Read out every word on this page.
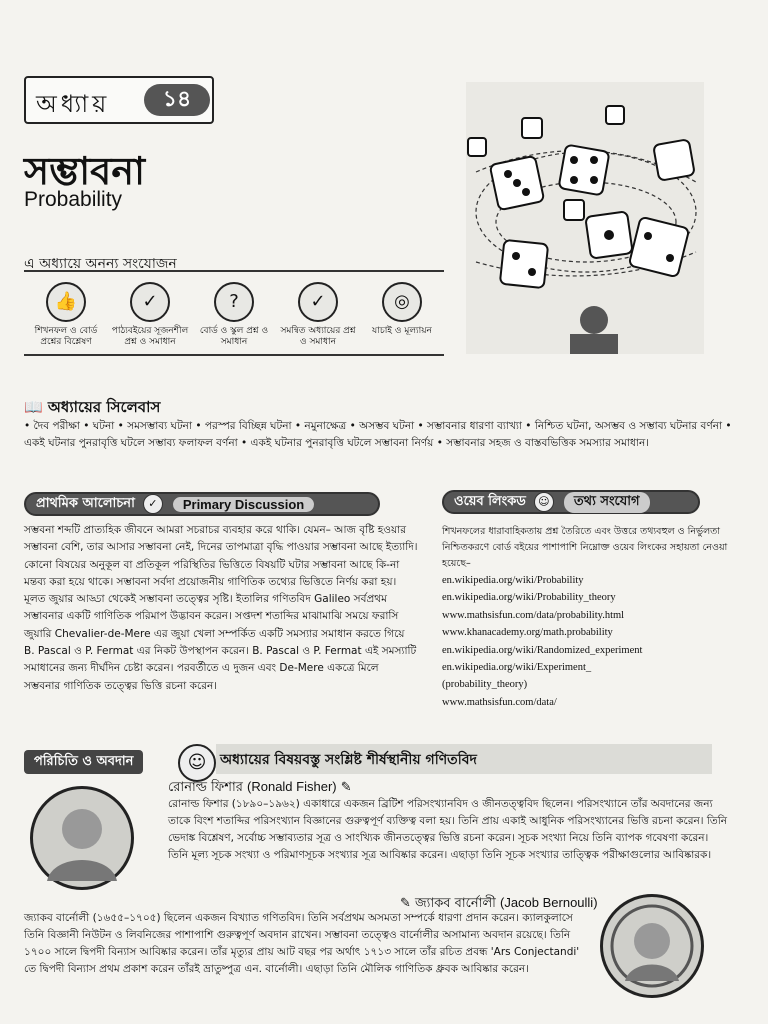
অধ্যায়	১৪
সম্ভাবনা
Probability
এ অধ্যায়ে অনন্য সংযোজন
👍
শিখনফল ও বোর্ড প্রশ্নের বিশ্লেষণ
✓
পাঠ্যবইয়ের সূজনশীল প্রশ্ন ও সমাধান
?
বোর্ড ও স্কুল প্রশ্ন ও সমাধান
✓
সমন্বিত অধ্যায়ের প্রশ্ন ও সমাধান
◎
যাচাই ও মূল্যায়ন
📖 অধ্যায়ের সিলেবাস
• দৈব পরীক্ষা • ঘটনা • সমসম্ভাব্য ঘটনা • পরস্পর বিচ্ছিন্ন ঘটনা • নমুনাক্ষেত্র • অসম্ভব ঘটনা • সম্ভাবনার ধারণা ব্যাখ্যা • নিশ্চিত ঘটনা, অসম্ভব ও সম্ভাব্য ঘটনার বর্ণনা • একই ঘটনার পুনরাবৃত্তি ঘটলে সম্ভাব্য ফলাফল বর্ণনা • একই ঘটনার পুনরাবৃত্তি ঘটলে সম্ভাবনা নির্ণয় • সম্ভাবনার সহজ ও বাস্তবভিত্তিক সমস্যার সমাধান।
প্রাথমিক আলোচনা	✓	Primary Discussion
সম্ভবনা শব্দটি প্রাত্যহিক জীবনে আমরা সচরাচর ব্যবহার করে থাকি। যেমন– আজ বৃষ্টি হওয়ার সম্ভাবনা বেশি, তার আসার সম্ভাবনা নেই, দিনের তাপমাত্রা বৃদ্ধি পাওয়ার সম্ভাবনা আছে ইত্যাদি। কোনো বিষয়ের অনুকূল বা প্রতিকূল পরিস্থিতির ভিত্তিতে বিষয়টি ঘটার সম্ভাবনা আছে কি-না মন্তব্য করা হয়ে থাকে। সম্ভাবনা সর্বদা প্রয়োজনীয় গাণিতিক তথ্যের ভিত্তিতে নির্ণয় করা হয়। মূলত জুয়ার আড্ডা থেকেই সম্ভাবনা তত্ত্বের সৃষ্টি। ইতালির গণিতবিদ Galileo সর্বপ্রথম সম্ভাবনার একটি গাণিতিক পরিমাপ উদ্ভাবন করেন। সপ্তদশ শতাব্দির মাঝামাঝি সময়ে ফরাসি জুয়ারি Chevalier-de-Mere এর জুয়া খেলা সম্পর্কিত একটি সমস্যার সমাধান করতে গিয়ে B. Pascal ও P. Fermat এর নিকট উপস্থাপন করেন। B. Pascal ও P. Fermat এই সমস্যাটি সমাধানের জন্য দীর্ঘদিন চেষ্টা করেন। পরবর্তীতে এ দুজন এবং De-Mere একত্রে মিলে সম্ভবনার গাণিতিক তত্ত্বের ভিত্তি রচনা করেন।
ওয়েব লিংকড	☺	তথ্য সংযোগ
শিখনফলের ধারাবাহিকতায় প্রশ্ন তৈরিতে এবং উত্তরে তথ্যবহুল ও নির্ভুলতা নিশ্চিতকরণে বোর্ড বইয়ের পাশাপাশি নিম্নোক্ত ওয়েব লিংকের সহায়তা নেওয়া হয়েছে–
en.wikipedia.org/wiki/Probability
en.wikipedia.org/wiki/Probability_theory
www.mathsisfun.com/data/probability.html
www.khanacademy.org/math.probability
en.wikipedia.org/wiki/Randomized_experiment
en.wikipedia.org/wiki/Experiment_
(probability_theory)
www.mathsisfun.com/data/
পরিচিতি ও অবদান	☺ অধ্যায়ের বিষয়বস্তু সংশ্লিষ্ট শীর্ষস্থানীয় গণিতবিদ
রোনাল্ড ফিশার (Ronald Fisher) ✎
রোনাল্ড ফিশার (১৮৯০–১৯৬২) একাধারে একজন ব্রিটিশ পরিসংখ্যানবিদ ও জীনতত্ত্ববিদ ছিলেন। পরিসংখ্যানে তাঁর অবদানের জন্য তাকে বিংশ শতাব্দির পরিসংখ্যান বিজ্ঞানের গুরুত্বপূর্ণ ব্যক্তিত্ব বলা হয়। তিনি প্রায় একাই আধুনিক পরিসংখ্যানের ভিত্তি রচনা করেন। তিনি ভেদাঙ্ক বিশ্লেষণ, সর্বোচ্চ সম্ভাব্যতার সূত্র ও সাংখ্যিক জীনতত্ত্বের ভিত্তি রচনা করেন। সূচক সংখ্যা নিয়ে তিনি ব্যাপক গবেষণা করেন। তিনি মূল্য সূচক সংখ্যা ও পরিমাণসূচক সংখ্যার সূত্র আবিষ্কার করেন। এছাড়া তিনি সূচক সংখ্যার তাত্ত্বিক পরীক্ষাগুলোর আবিষ্কারক।
✎ জ্যাকব বার্নোলী (Jacob Bernoulli)
জ্যাকব বার্নোলী (১৬৫৫–১৭০৫) ছিলেন একজন বিখ্যাত গণিতবিদ। তিনি সর্বপ্রথম অসমতা সম্পর্কে ধারণা প্রদান করেন। ক্যালকুলাসে তিনি বিজ্ঞানী নিউটন ও লিবনিজের পাশাপাশি গুরুত্বপূর্ণ অবদান রাখেন। সম্ভাবনা তত্ত্বেও বার্নোলীর অসামান্য অবদান রয়েছে। তিনি ১৭০০ সালে দ্বিপদী বিন্যাস আবিষ্কার করেন। তাঁর মৃত্যুর প্রায় আট বছর পর অর্থাৎ ১৭১৩ সালে তাঁর রচিত প্রবন্ধ 'Ars Conjectandi' তে দ্বিপদী বিন্যাস প্রথম প্রকাশ করেন তাঁরই ভ্রাতুষ্পুত্র এন. বার্নোলী। এছাড়া তিনি মৌলিক গাণিতিক ধ্রুবক আবিষ্কার করেন।
